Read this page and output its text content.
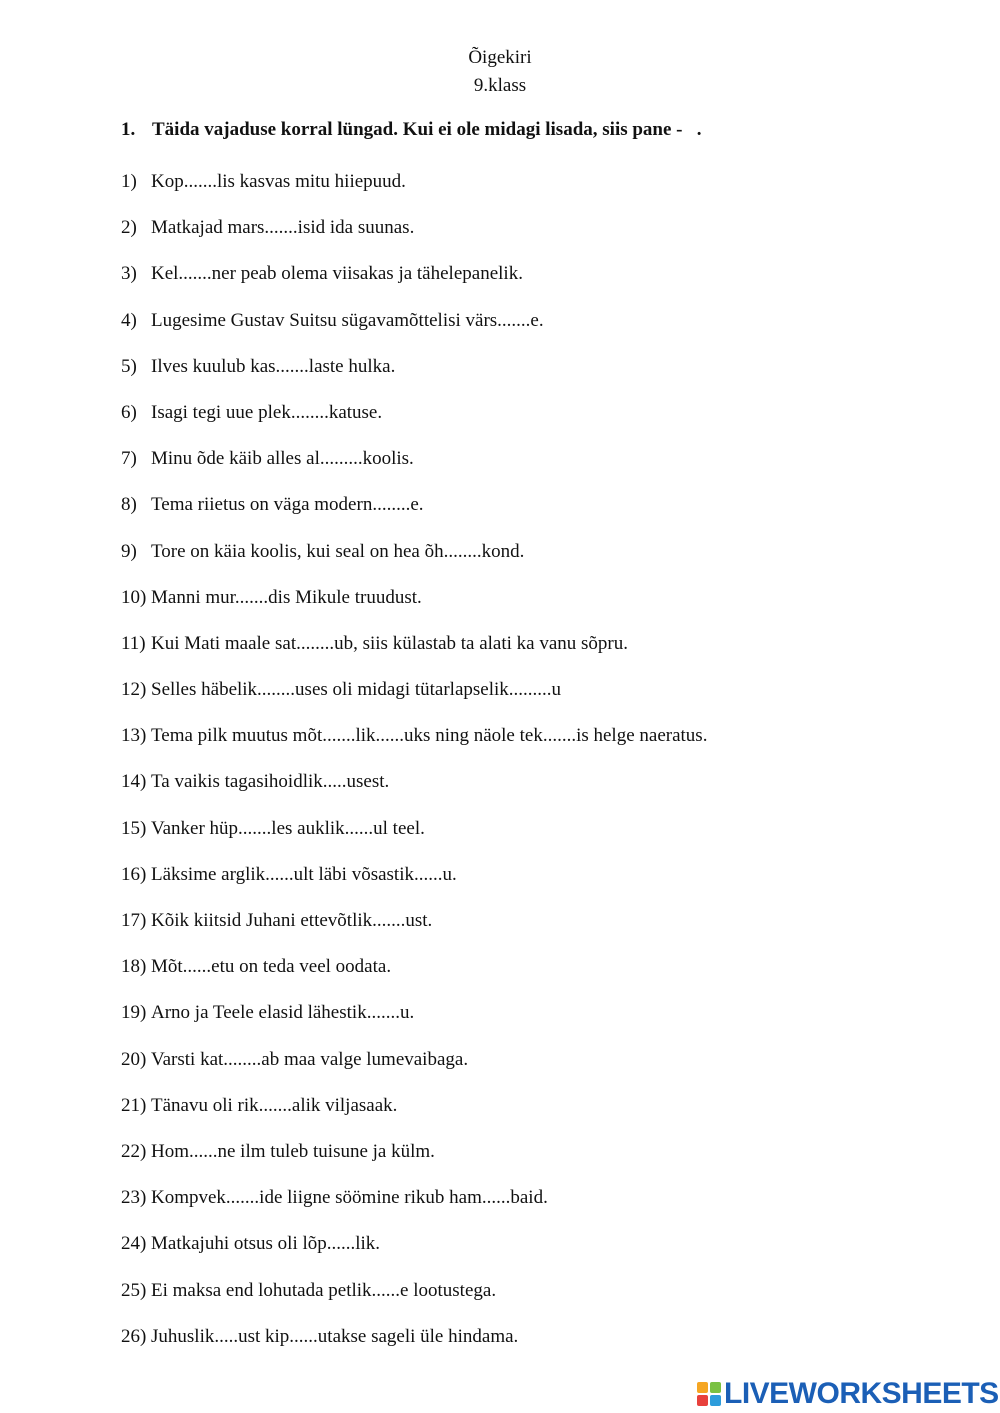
Õigekiri
9.klass
1. Täida vajaduse korral lüngad. Kui ei ole midagi lisada, siis pane -   .
1) Kop.......lis kasvas mitu hiiepuud.
2) Matkajad mars.......isid ida suunas.
3) Kel.......ner peab olema viisakas ja tähelepanelik.
4) Lugesime Gustav Suitsu sügavamõttelisi värs.......e.
5) Ilves kuulub kas.......laste hulka.
6) Isagi tegi uue plek........katuse.
7) Minu õde käib alles al.........koolis.
8) Tema riietus on väga modern........e.
9) Tore on käia koolis, kui seal on hea õh........kond.
10) Manni mur.......dis Mikule truudust.
11) Kui Mati maale sat........ub, siis külastab ta alati ka vanu sõpru.
12) Selles häbelik........uses oli midagi tütarlapselik.........u
13) Tema pilk muutus mõt.......lik......uks ning näole tek.......is helge naeratus.
14) Ta vaikis tagasihoidlik.....usest.
15) Vanker hüp.......les auklik......ul teel.
16) Läksime arglik......ult läbi võsastik......u.
17) Kõik kiitsid Juhani ettevõtlik.......ust.
18) Mõt......etu on teda veel oodata.
19) Arno ja Teele elasid lähestik.......u.
20) Varsti kat........ab maa valge lumevaibaga.
21) Tänavu oli rik.......alik viljasaak.
22) Hom......ne ilm tuleb tuisune ja külm.
23) Kompvek.......ide liigne söömine rikub ham......baid.
24) Matkajuhi otsus oli lõp......lik.
25) Ei maksa end lohutada petlik......e lootustega.
26) Juhuslik.....ust kip......utakse sageli üle hindama.
LIVEWORKSHEETS
